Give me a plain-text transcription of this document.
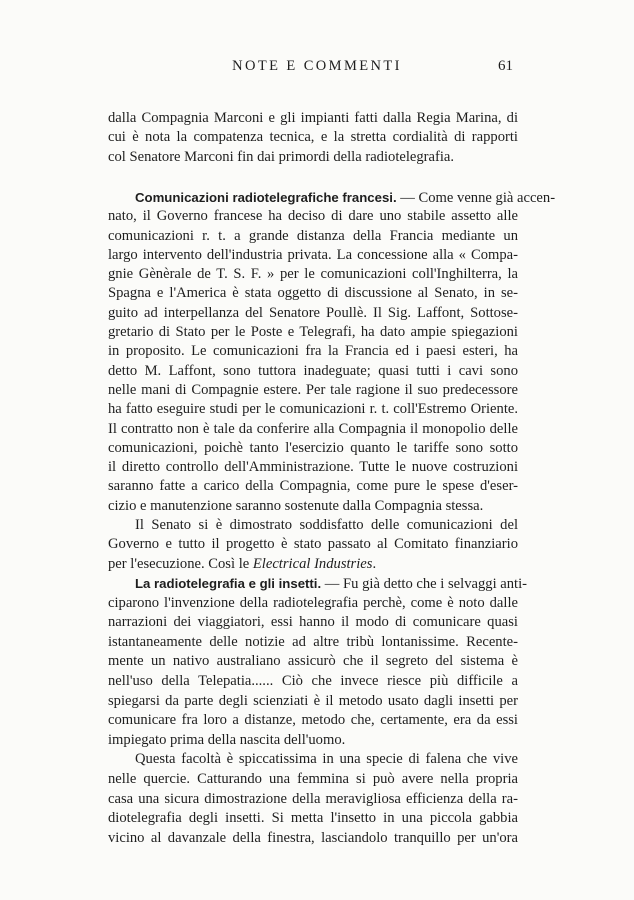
NOTE E COMMENTI	61
dalla Compagnia Marconi e gli impianti fatti dalla Regia Marina, di
cui è nota la compatenza tecnica, e la stretta cordialità di rapporti
col Senatore Marconi fin dai primordi della radiotelegrafia.
Comunicazioni radiotelegrafiche francesi. — Come venne già accen-
nato, il Governo francese ha deciso di dare uno stabile assetto alle
comunicazioni r. t. a grande distanza della Francia mediante un
largo intervento dell'industria privata. La concessione alla « Compa-
gnie Gènèrale de T. S. F. » per le comunicazioni coll'Inghilterra, la
Spagna e l'America è stata oggetto di discussione al Senato, in se-
guito ad interpellanza del Senatore Poullè. Il Sig. Laffont, Sottose-
gretario di Stato per le Poste e Telegrafi, ha dato ampie spiegazioni
in proposito. Le comunicazioni fra la Francia ed i paesi esteri, ha
detto M. Laffont, sono tuttora inadeguate; quasi tutti i cavi sono
nelle mani di Compagnie estere. Per tale ragione il suo predecessore
ha fatto eseguire studi per le comunicazioni r. t. coll'Estremo Oriente.
Il contratto non è tale da conferire alla Compagnia il monopolio delle
comunicazioni, poichè tanto l'esercizio quanto le tariffe sono sotto
il diretto controllo dell'Amministrazione. Tutte le nuove costruzioni
saranno fatte a carico della Compagnia, come pure le spese d'eser-
cizio e manutenzione saranno sostenute dalla Compagnia stessa.
Il Senato si è dimostrato soddisfatto delle comunicazioni del
Governo e tutto il progetto è stato passato al Comitato finanziario
per l'esecuzione. Così le Electrical Industries.
La radiotelegrafia e gli insetti. — Fu già detto che i selvaggi anti-
ciparono l'invenzione della radiotelegrafia perchè, come è noto dalle
narrazioni dei viaggiatori, essi hanno il modo di comunicare quasi
istantaneamente delle notizie ad altre tribù lontanissime. Recente-
mente un nativo australiano assicurò che il segreto del sistema è
nell'uso della Telepatia...... Ciò che invece riesce più difficile a
spiegarsi da parte degli scienziati è il metodo usato dagli insetti per
comunicare fra loro a distanze, metodo che, certamente, era da essi
impiegato prima della nascita dell'uomo.
Questa facoltà è spiccatissima in una specie di falena che vive
nelle quercie. Catturando una femmina si può avere nella propria
casa una sicura dimostrazione della meravigliosa efficienza della ra-
diotelegrafia degli insetti. Si metta l'insetto in una piccola gabbia
vicino al davanzale della finestra, lasciandolo tranquillo per un'ora
